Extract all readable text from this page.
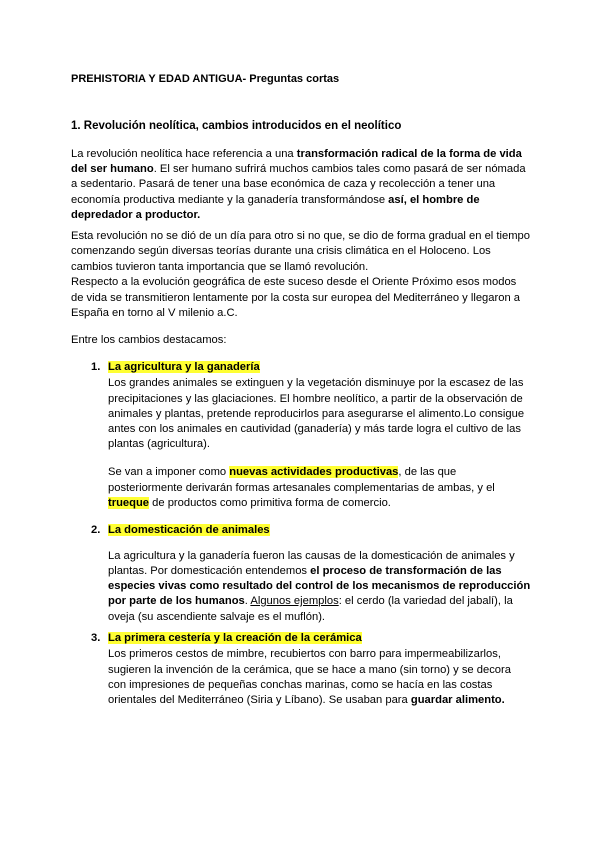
PREHISTORIA Y EDAD ANTIGUA- Preguntas cortas
1. Revolución neolítica, cambios introducidos en el neolítico
La revolución neolítica hace referencia a una transformación radical de la forma de vida
del ser humano. El ser humano sufrirá muchos cambios tales como pasará de ser nómada
a sedentario. Pasará de tener una base económica de caza y recolección a tener una
economía productiva mediante y la ganadería transformándose así, el hombre de
depredador a productor.
Esta revolución no se dió de un día para otro si no que, se dio de forma gradual en el tiempo
comenzando según diversas teorías durante una crisis climática en el Holoceno. Los
cambios tuvieron tanta importancia que se llamó revolución.
Respecto a la evolución geográfica de este suceso desde el Oriente Próximo esos modos
de vida se transmitieron lentamente por la costa sur europea del Mediterráneo y llegaron a
España en torno al V milenio a.C.
Entre los cambios destacamos:
1. La agricultura y la ganadería
Los grandes animales se extinguen y la vegetación disminuye por la escasez de las
precipitaciones y las glaciaciones. El hombre neolítico, a partir de la observación de
animales y plantas, pretende reproducirlos para asegurarse el alimento.Lo consigue
antes con los animales en cautividad (ganadería) y más tarde logra el cultivo de las
plantas (agricultura).
Se van a imponer como nuevas actividades productivas, de las que
posteriormente derivarán formas artesanales complementarias de ambas, y el
trueque de productos como primitiva forma de comercio.
2. La domesticación de animales
La agricultura y la ganadería fueron las causas de la domesticación de animales y
plantas. Por domesticación entendemos el proceso de transformación de las
especies vivas como resultado del control de los mecanismos de reproducción
por parte de los humanos. Algunos ejemplos: el cerdo (la variedad del jabalí), la
oveja (su ascendiente salvaje es el muflón).
3. La primera cestería y la creación de la cerámica
Los primeros cestos de mimbre, recubiertos con barro para impermeabilizarlos,
sugieren la invención de la cerámica, que se hace a mano (sin torno) y se decora
con impresiones de pequeñas conchas marinas, como se hacía en las costas
orientales del Mediterráneo (Siria y Líbano). Se usaban para guardar alimento.
